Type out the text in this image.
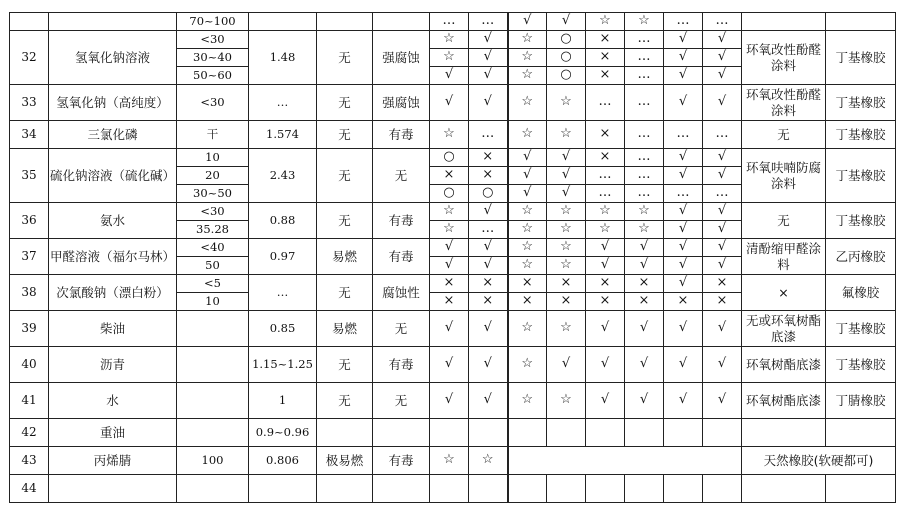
		70~100				…	…	√	√	☆	☆	…	…		
32	氢氧化钠溶液	<30	1.48	无	强腐蚀	☆	√	☆	○	×	…	√	√	环氧改性酚醛涂料	丁基橡胶
		30~40				☆	√	☆	○	×	…	√	√		
		50~60				√	√	☆	○	×	…	√	√		
33	氢氧化钠（高纯度）	<30	…	无	强腐蚀	√	√	☆	☆	…	…	√	√	环氧改性酚醛涂料	丁基橡胶
34	三氯化磷	干	1.574	无	有毒	☆	…	☆	☆	×	…	…	…	无	丁基橡胶
35	硫化钠溶液（硫化碱）	10	2.43	无	无	○	×	√	√	×	…	√	√	环氧呋喃防腐涂料	丁基橡胶
		20				×	×	√	√	…	…	√	√		
		30~50				○	○	√	√	…	…	…	…		
36	氨水	<30	0.88	无	有毒	☆	√	☆	☆	☆	☆	√	√	无	丁基橡胶
		35.28				☆	…	☆	☆	☆	☆	√	√		
37	甲醛溶液（福尔马林）	<40	0.97	易燃	有毒	√	√	☆	☆	√	√	√	√	清酚缩甲醛涂料	乙丙橡胶
		50				√	√	☆	☆	√	√	√	√		
38	次氯酸钠（漂白粉）	<5	…	无	腐蚀性	×	×	×	×	×	×	√	×	×	氟橡胶
		10				×	×	×	×	×	×	×	×		
39	柴油		0.85	易燃	无	√	√	☆	☆	√	√	√	√	无或环氧树酯底漆	丁基橡胶
40	沥青		1.15~1.25	无	有毒	√	√	☆	√	√	√	√	√	环氧树酯底漆	丁基橡胶
41	水		1	无	无	√	√	☆	☆	√	√	√	√	环氧树酯底漆	丁腈橡胶
42	重油		0.9~0.96												
43	丙烯腈	100	0.806	极易燃	有毒	☆	☆							天然橡胶(软硬都可)	
44															
